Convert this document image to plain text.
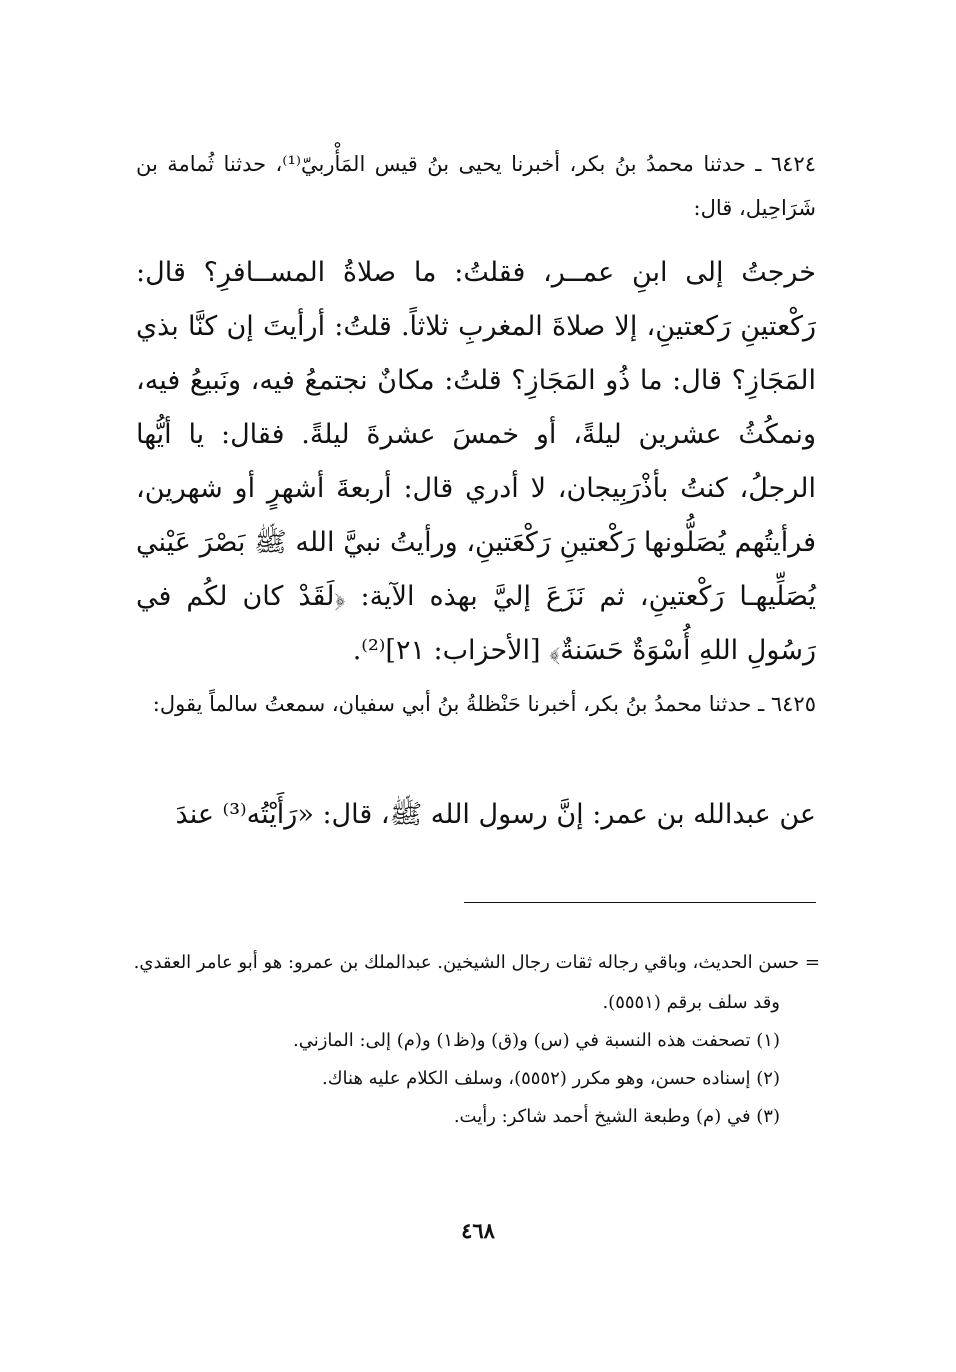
٦٤٢٤ ـ حدثنا محمدُ بنُ بكر، أخبرنا يحيى بنُ قيس المَأْربيّ⁽¹⁾، حدثنا ثُمامة بن شَرَاحِيل، قال:
خرجتُ إلى ابنِ عمــر، فقلتُ: ما صلاةُ المســافرِ؟ قال: رَكْعتينِ رَكعتينِ، إلا صلاةَ المغربِ ثلاثاً. قلتُ: أرأيتَ إن كنَّا بذي المَجَازِ؟ قال: ما ذُو المَجَازِ؟ قلتُ: مكانٌ نجتمعُ فيه، ونَبيعُ فيه، ونمكُثُ عشرين ليلةً، أو خمسَ عشرةَ ليلةً. فقال: يا أيُّها الرجلُ، كنتُ بأذْرَبِيجان، لا أدري قال: أربعةَ أشهرٍ أو شهرين، فرأيتُهم يُصَلُّونها رَكْعتينِ رَكْعَتينِ، ورأيتُ نبيَّ الله ﷺ بَصْرَ عَيْني يُصَلِّيهـا رَكْعتينِ، ثم نَزَعَ إليَّ بهذه الآية: ﴿لَقَدْ كان لكُم في رَسُولِ اللهِ أُسْوَةٌ حَسَنةٌ﴾ [الأحزاب: ٢١]⁽²⁾.
٦٤٢٥ ـ حدثنا محمدُ بنُ بكر، أخبرنا حَنْظلةُ بنُ أبي سفيان، سمعتُ سالماً يقول:
عن عبدالله بن عمر: إنَّ رسول الله ﷺ، قال: «رَأَيْتُه⁽³⁾ عندَ
= حسن الحديث، وباقي رجاله ثقات رجال الشيخين. عبدالملك بن عمرو: هو أبو عامر العقدي.
وقد سلف برقم (٥٥٥١).
(١) تصحفت هذه النسبة في (س) و(ق) و(ظ١) و(م) إلى: المازني.
(٢) إسناده حسن، وهو مكرر (٥٥٥٢)، وسلف الكلام عليه هناك.
(٣) في (م) وطبعة الشيخ أحمد شاكر: رأيت.
٤٦٨
